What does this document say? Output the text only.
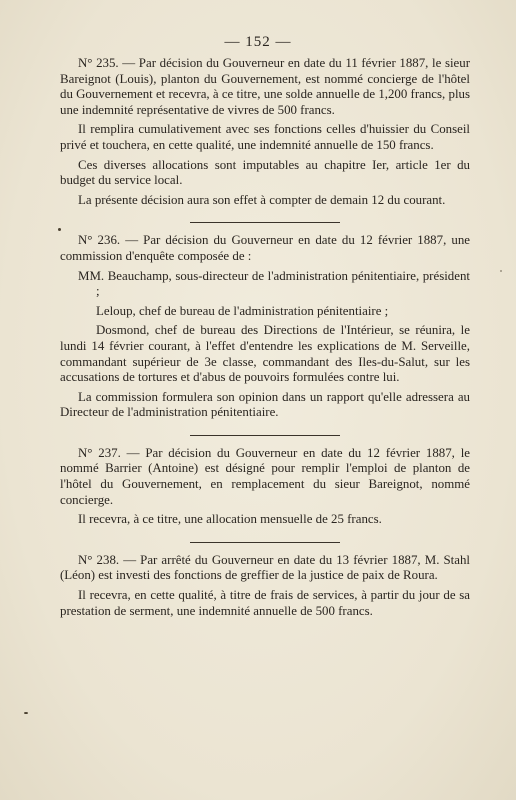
— 152 —

N° 235. — Par décision du Gouverneur en date du 11 février 1887, le sieur Bareignot (Louis), planton du Gouvernement, est nommé concierge de l'hôtel du Gouvernement et recevra, à ce titre, une solde annuelle de 1,200 francs, plus une indemnité représentative de vivres de 500 francs.

Il remplira cumulativement avec ses fonctions celles d'huissier du Conseil privé et touchera, en cette qualité, une indemnité annuelle de 150 francs.

Ces diverses allocations sont imputables au chapitre Ier, article 1er du budget du service local.

La présente décision aura son effet à compter de demain 12 du courant.

N° 236. — Par décision du Gouverneur en date du 12 février 1887, une commission d'enquête composée de :

MM. Beauchamp, sous-directeur de l'administration pénitentiaire, président ;

Leloup, chef de bureau de l'administration pénitentiaire ;

Dosmond, chef de bureau des Directions de l'Intérieur, se réunira, le lundi 14 février courant, à l'effet d'entendre les explications de M. Serveille, commandant supérieur de 3e classe, commandant des Iles-du-Salut, sur les accusations de tortures et d'abus de pouvoirs formulées contre lui.

La commission formulera son opinion dans un rapport qu'elle adressera au Directeur de l'administration pénitentiaire.

N° 237. — Par décision du Gouverneur en date du 12 février 1887, le nommé Barrier (Antoine) est désigné pour remplir l'emploi de planton de l'hôtel du Gouvernement, en remplacement du sieur Bareignot, nommé concierge.

Il recevra, à ce titre, une allocation mensuelle de 25 francs.

N° 238. — Par arrêté du Gouverneur en date du 13 février 1887, M. Stahl (Léon) est investi des fonctions de greffier de la justice de paix de Roura.

Il recevra, en cette qualité, à titre de frais de services, à partir du jour de sa prestation de serment, une indemnité annuelle de 500 francs.
